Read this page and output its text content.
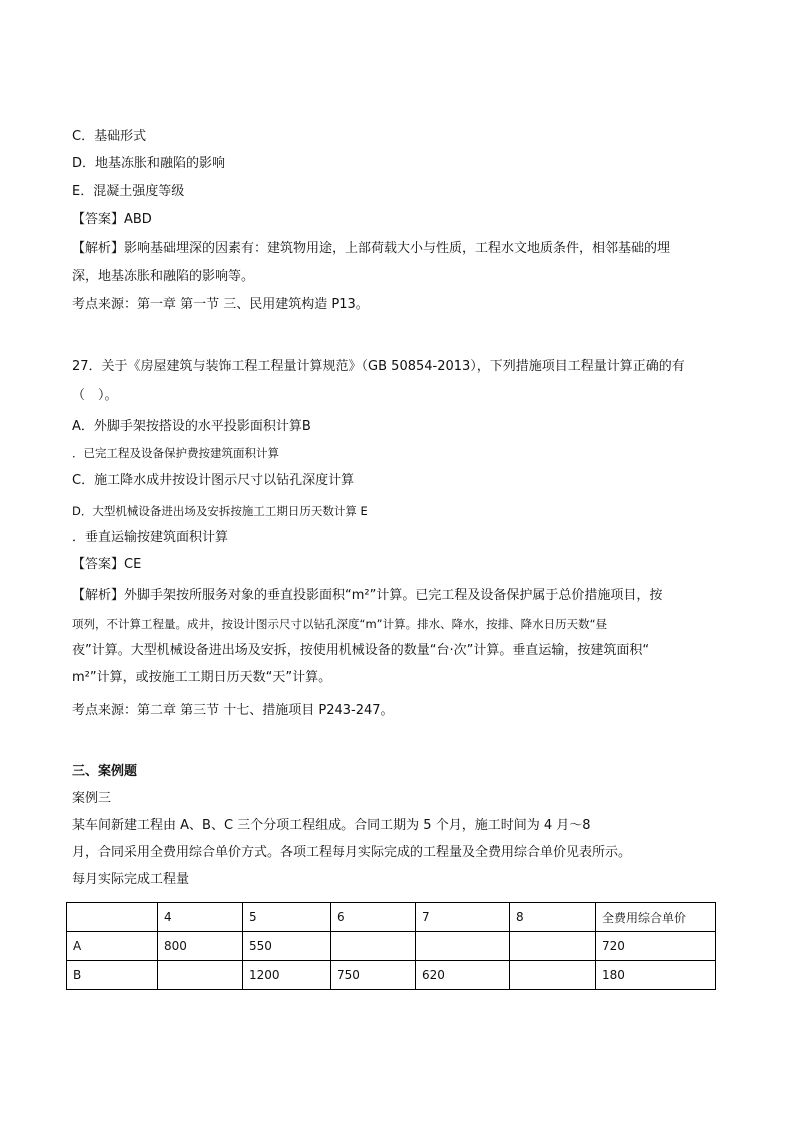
C．基础形式
D．地基冻胀和融陷的影响
E．混凝土强度等级
【答案】ABD
【解析】影响基础埋深的因素有：建筑物用途，上部荷载大小与性质，工程水文地质条件，相邻基础的埋
深，地基冻胀和融陷的影响等。
考点来源：第一章 第一节 三、民用建筑构造 P13。
27．关于《房屋建筑与装饰工程工程量计算规范》（GB 50854-2013），下列措施项目工程量计算正确的有
（　）。
A．外脚手架按搭设的水平投影面积计算B
．已完工程及设备保护费按建筑面积计算
C．施工降水成井按设计图示尺寸以钻孔深度计算
D．大型机械设备进出场及安拆按施工工期日历天数计算 E
．垂直运输按建筑面积计算
【答案】CE
【解析】外脚手架按所服务对象的垂直投影面积“m²”计算。已完工程及设备保护属于总价措施项目，按
项列，不计算工程量。成井，按设计图示尺寸以钻孔深度“m”计算。排水、降水，按排、降水日历天数“昼
夜”计算。大型机械设备进出场及安拆，按使用机械设备的数量“台·次”计算。垂直运输，按建筑面积“
m²”计算，或按施工工期日历天数“天”计算。
考点来源：第二章 第三节 十七、措施项目 P243-247。
三、案例题
案例三
某车间新建工程由 A、B、C 三个分项工程组成。合同工期为 5 个月，施工时间为 4 月～8
月，合同采用全费用综合单价方式。各项工程每月实际完成的工程量及全费用综合单价见表所示。
每月实际完成工程量
	4	5	6	7	8	全费用综合单价
A	800	550				720
B		1200	750	620		180
